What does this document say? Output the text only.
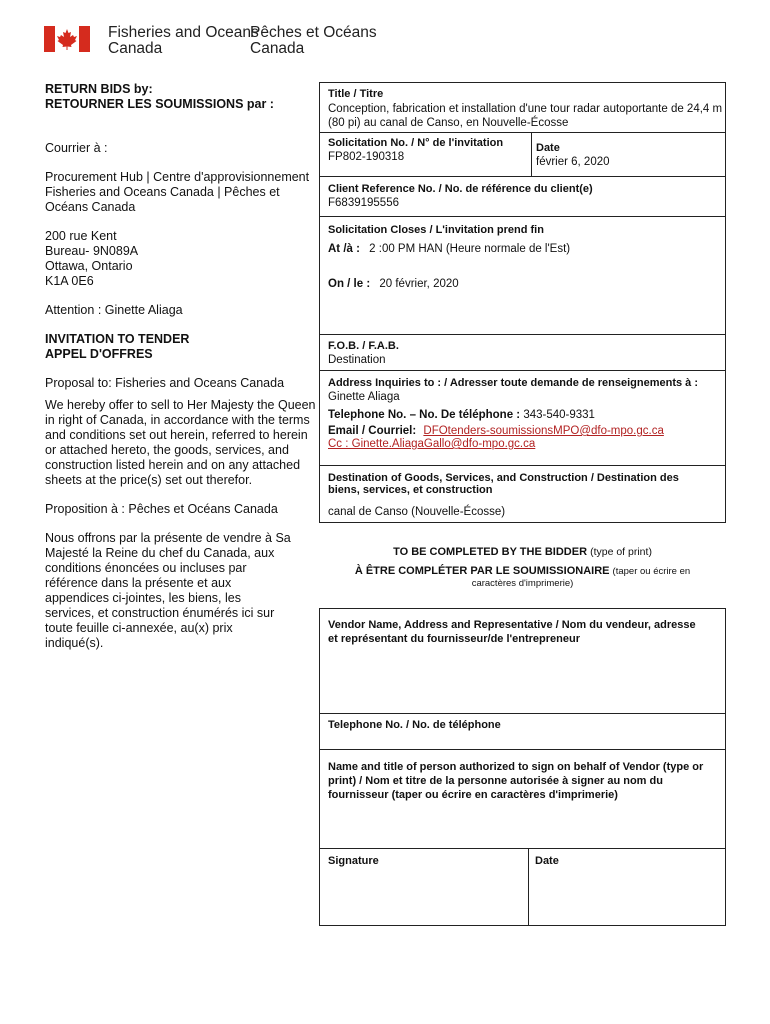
Fisheries and Oceans
Canada
Pêches et Océans
Canada

RETURN BIDS by:

RETOURNER LES SOUMISSIONS par :

Courrier à :

Procurement Hub | Centre d'approvisionnement

Fisheries and Oceans Canada | Pêches et

Océans Canada

200 rue Kent

Bureau- 9N089A

Ottawa, Ontario

K1A 0E6

Attention : Ginette Aliaga

INVITATION TO TENDER

APPEL D'OFFRES

Proposal to: Fisheries and Oceans Canada

We hereby offer to sell to Her Majesty the Queen

in right of Canada, in accordance with the terms

and conditions set out herein, referred to herein

or attached hereto, the goods, services, and

construction listed herein and on any attached

sheets at the price(s) set out therefor.

Proposition à : Pêches et Océans Canada

Nous offrons par la présente de vendre à Sa

Majesté la Reine du chef du Canada, aux

conditions énoncées ou incluses par

référence dans la présente et aux

appendices ci-jointes, les biens, les

services, et construction énumérés ici sur

toute feuille ci-annexée, au(x) prix

indiqué(s).

Title / Titre
Conception, fabrication et installation d'une tour radar autoportante de 24,4 m
(80 pi) au canal de Canso, en Nouvelle-Écosse
Solicitation No. / N° de l'invitation
FP802-190318
Date
février 6, 2020
Client Reference No. / No. de référence du client(e)
F6839195556
Solicitation Closes / L'invitation prend fin
At /à : 2 :00 PM HAN (Heure normale de l'Est)
On / le : 20 février, 2020
F.O.B. / F.A.B.
Destination
Address Inquiries to : / Adresser toute demande de renseignements à :
Ginette Aliaga
Telephone No. – No. De téléphone : 343-540-9331
Email / Courriel: DFOtenders-soumissionsMPO@dfo-mpo.gc.ca
Cc : Ginette.AliagaGallo@dfo-mpo.gc.ca
Destination of Goods, Services, and Construction / Destination des
biens, services, et construction
canal de Canso (Nouvelle-Écosse)
TO BE COMPLETED BY THE BIDDER (type of print)
À ÊTRE COMPLÉTER PAR LE SOUMISSIONAIRE (taper ou écrire en
caractères d'imprimerie)
Vendor Name, Address and Representative / Nom du vendeur, adresse
et représentant du fournisseur/de l'entrepreneur
Telephone No. / No. de téléphone
Name and title of person authorized to sign on behalf of Vendor (type or
print) / Nom et titre de la personne autorisée à signer au nom du
fournisseur (taper ou écrire en caractères d'imprimerie)
Signature	Date
